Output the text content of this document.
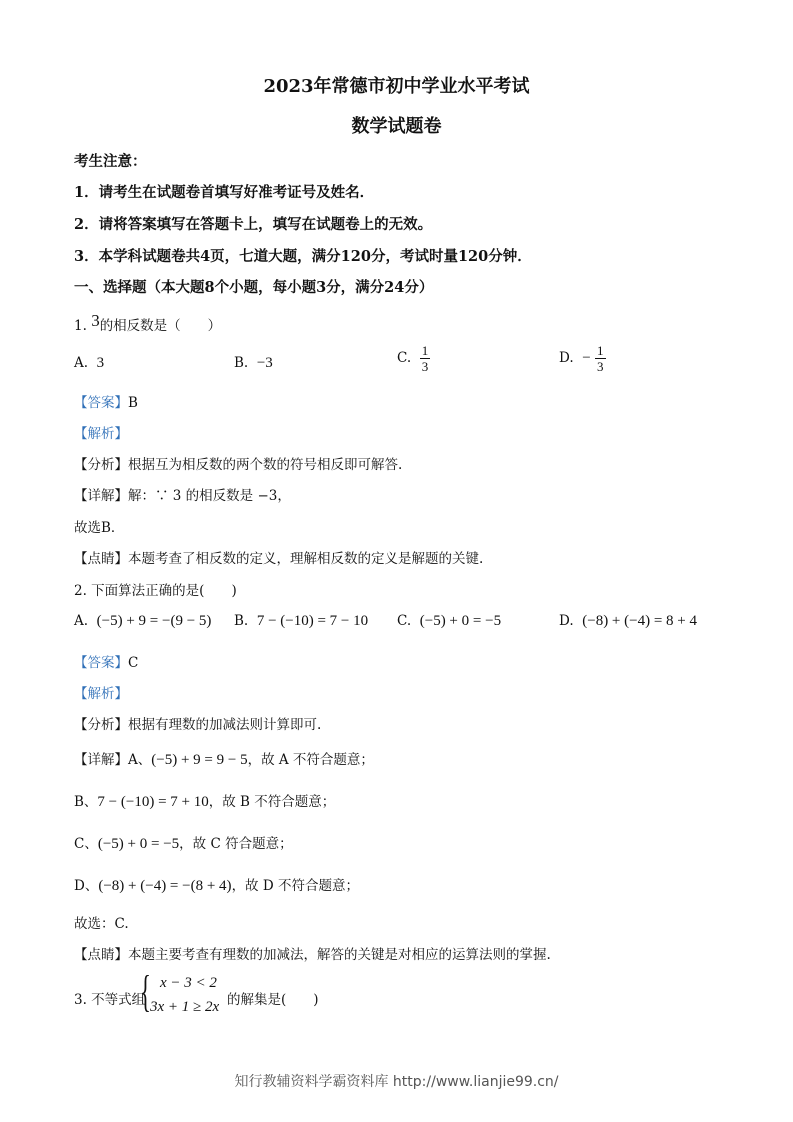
2023年常德市初中学业水平考试
数学试题卷
考生注意：
1．请考生在试题卷首填写好准考证号及姓名．
2．请将答案填写在答题卡上，填写在试题卷上的无效。
3．本学科试题卷共4页，七道大题，满分120分，考试时量120分钟．
一、选择题（本大题8个小题，每小题3分，满分24分）
1. 3的相反数是（　　）
A. 3	B. −3	C. $\frac{1}{3}$	D. − $\frac{1}{3}$
【答案】B
【解析】
【分析】根据互为相反数的两个数的符号相反即可解答.
【详解】解：∵ 3 的相反数是 −3，
故选B．
【点睛】本题考查了相反数的定义，理解相反数的定义是解题的关键.
2. 下面算法正确的是(　　)
A. (−5) + 9 = −(9 − 5) B. 7 − (−10) = 7 − 10 C. (−5) + 0 = −5	D. (−8) + (−4) = 8 + 4
【答案】C
【解析】
【分析】根据有理数的加减法则计算即可.
【详解】A、(−5) + 9 = 9 − 5，故 A 不符合题意；
B、7 − (−10) = 7 + 10，故 B 不符合题意；
C、(−5) + 0 = −5，故 C 符合题意；
D、(−8) + (−4) = −(8 + 4)，故 D 不符合题意；
故选：C.
【点睛】本题主要考查有理数的加减法，解答的关键是对相应的运算法则的掌握.
3. 不等式组
{ x − 3 < 2
3x + 1 ≥ 2x 的解集是(　　)
知行教辅资料学霸资料库 http://www.lianjie99.cn/
